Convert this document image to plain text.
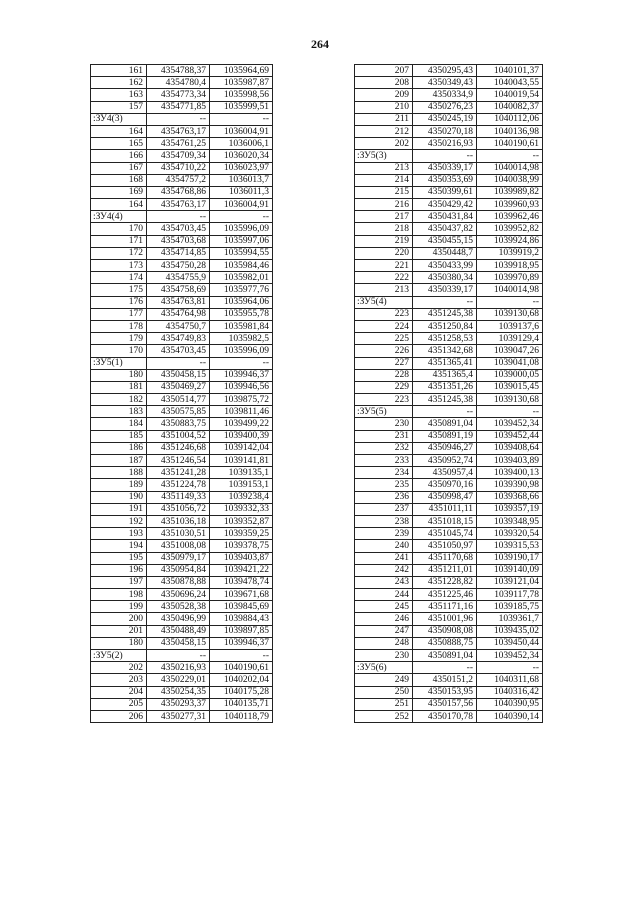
264
161	4354788,37	1035964,69
162	4354780,4	1035987,87
163	4354773,34	1035998,56
157	4354771,85	1035999,51
:ЗУ4(3)	--	--
164	4354763,17	1036004,91
165	4354761,25	1036006,1
166	4354709,34	1036020,34
167	4354710,22	1036023,97
168	4354757,2	1036013,7
169	4354768,86	1036011,3
164	4354763,17	1036004,91
:ЗУ4(4)	--	--
170	4354703,45	1035996,09
171	4354703,68	1035997,06
172	4354714,85	1035994,55
173	4354750,28	1035984,46
174	4354755,9	1035982,01
175	4354758,69	1035977,76
176	4354763,81	1035964,06
177	4354764,98	1035955,78
178	4354750,7	1035981,84
179	4354749,83	1035982,5
170	4354703,45	1035996,09
:ЗУ5(1)	--	--
180	4350458,15	1039946,37
181	4350469,27	1039946,56
182	4350514,77	1039875,72
183	4350575,85	1039811,46
184	4350883,75	1039499,22
185	4351004,52	1039400,39
186	4351246,68	1039142,04
187	4351246,54	1039141,81
188	4351241,28	1039135,1
189	4351224,78	1039153,1
190	4351149,33	1039238,4
191	4351056,72	1039332,33
192	4351036,18	1039352,87
193	4351030,51	1039359,25
194	4351008,08	1039378,75
195	4350979,17	1039403,87
196	4350954,84	1039421,22
197	4350878,88	1039478,74
198	4350696,24	1039671,68
199	4350528,38	1039845,69
200	4350496,99	1039884,43
201	4350488,49	1039897,85
180	4350458,15	1039946,37
:ЗУ5(2)	--	--
202	4350216,93	1040190,61
203	4350229,01	1040202,04
204	4350254,35	1040175,28
205	4350293,37	1040135,71
206	4350277,31	1040118,79
207	4350295,43	1040101,37
208	4350349,43	1040043,55
209	4350334,9	1040019,54
210	4350276,23	1040082,37
211	4350245,19	1040112,06
212	4350270,18	1040136,98
202	4350216,93	1040190,61
:ЗУ5(3)	--	--
213	4350339,17	1040014,98
214	4350353,69	1040038,99
215	4350399,61	1039989,82
216	4350429,42	1039960,93
217	4350431,84	1039962,46
218	4350437,82	1039952,82
219	4350455,15	1039924,86
220	4350448,7	1039919,2
221	4350433,99	1039918,95
222	4350380,34	1039970,89
213	4350339,17	1040014,98
:ЗУ5(4)	--	--
223	4351245,38	1039130,68
224	4351250,84	1039137,6
225	4351258,53	1039129,4
226	4351342,68	1039047,26
227	4351365,41	1039041,08
228	4351365,4	1039000,05
229	4351351,26	1039015,45
223	4351245,38	1039130,68
:ЗУ5(5)	--	--
230	4350891,04	1039452,34
231	4350891,19	1039452,44
232	4350946,27	1039408,64
233	4350952,74	1039403,89
234	4350957,4	1039400,13
235	4350970,16	1039390,98
236	4350998,47	1039368,66
237	4351011,11	1039357,19
238	4351018,15	1039348,95
239	4351045,74	1039320,54
240	4351050,97	1039315,53
241	4351170,68	1039190,17
242	4351211,01	1039140,09
243	4351228,82	1039121,04
244	4351225,46	1039117,78
245	4351171,16	1039185,75
246	4351001,96	1039361,7
247	4350908,08	1039435,02
248	4350888,75	1039450,44
230	4350891,04	1039452,34
:ЗУ5(6)	--	--
249	4350151,2	1040311,68
250	4350153,95	1040316,42
251	4350157,56	1040390,95
252	4350170,78	1040390,14
